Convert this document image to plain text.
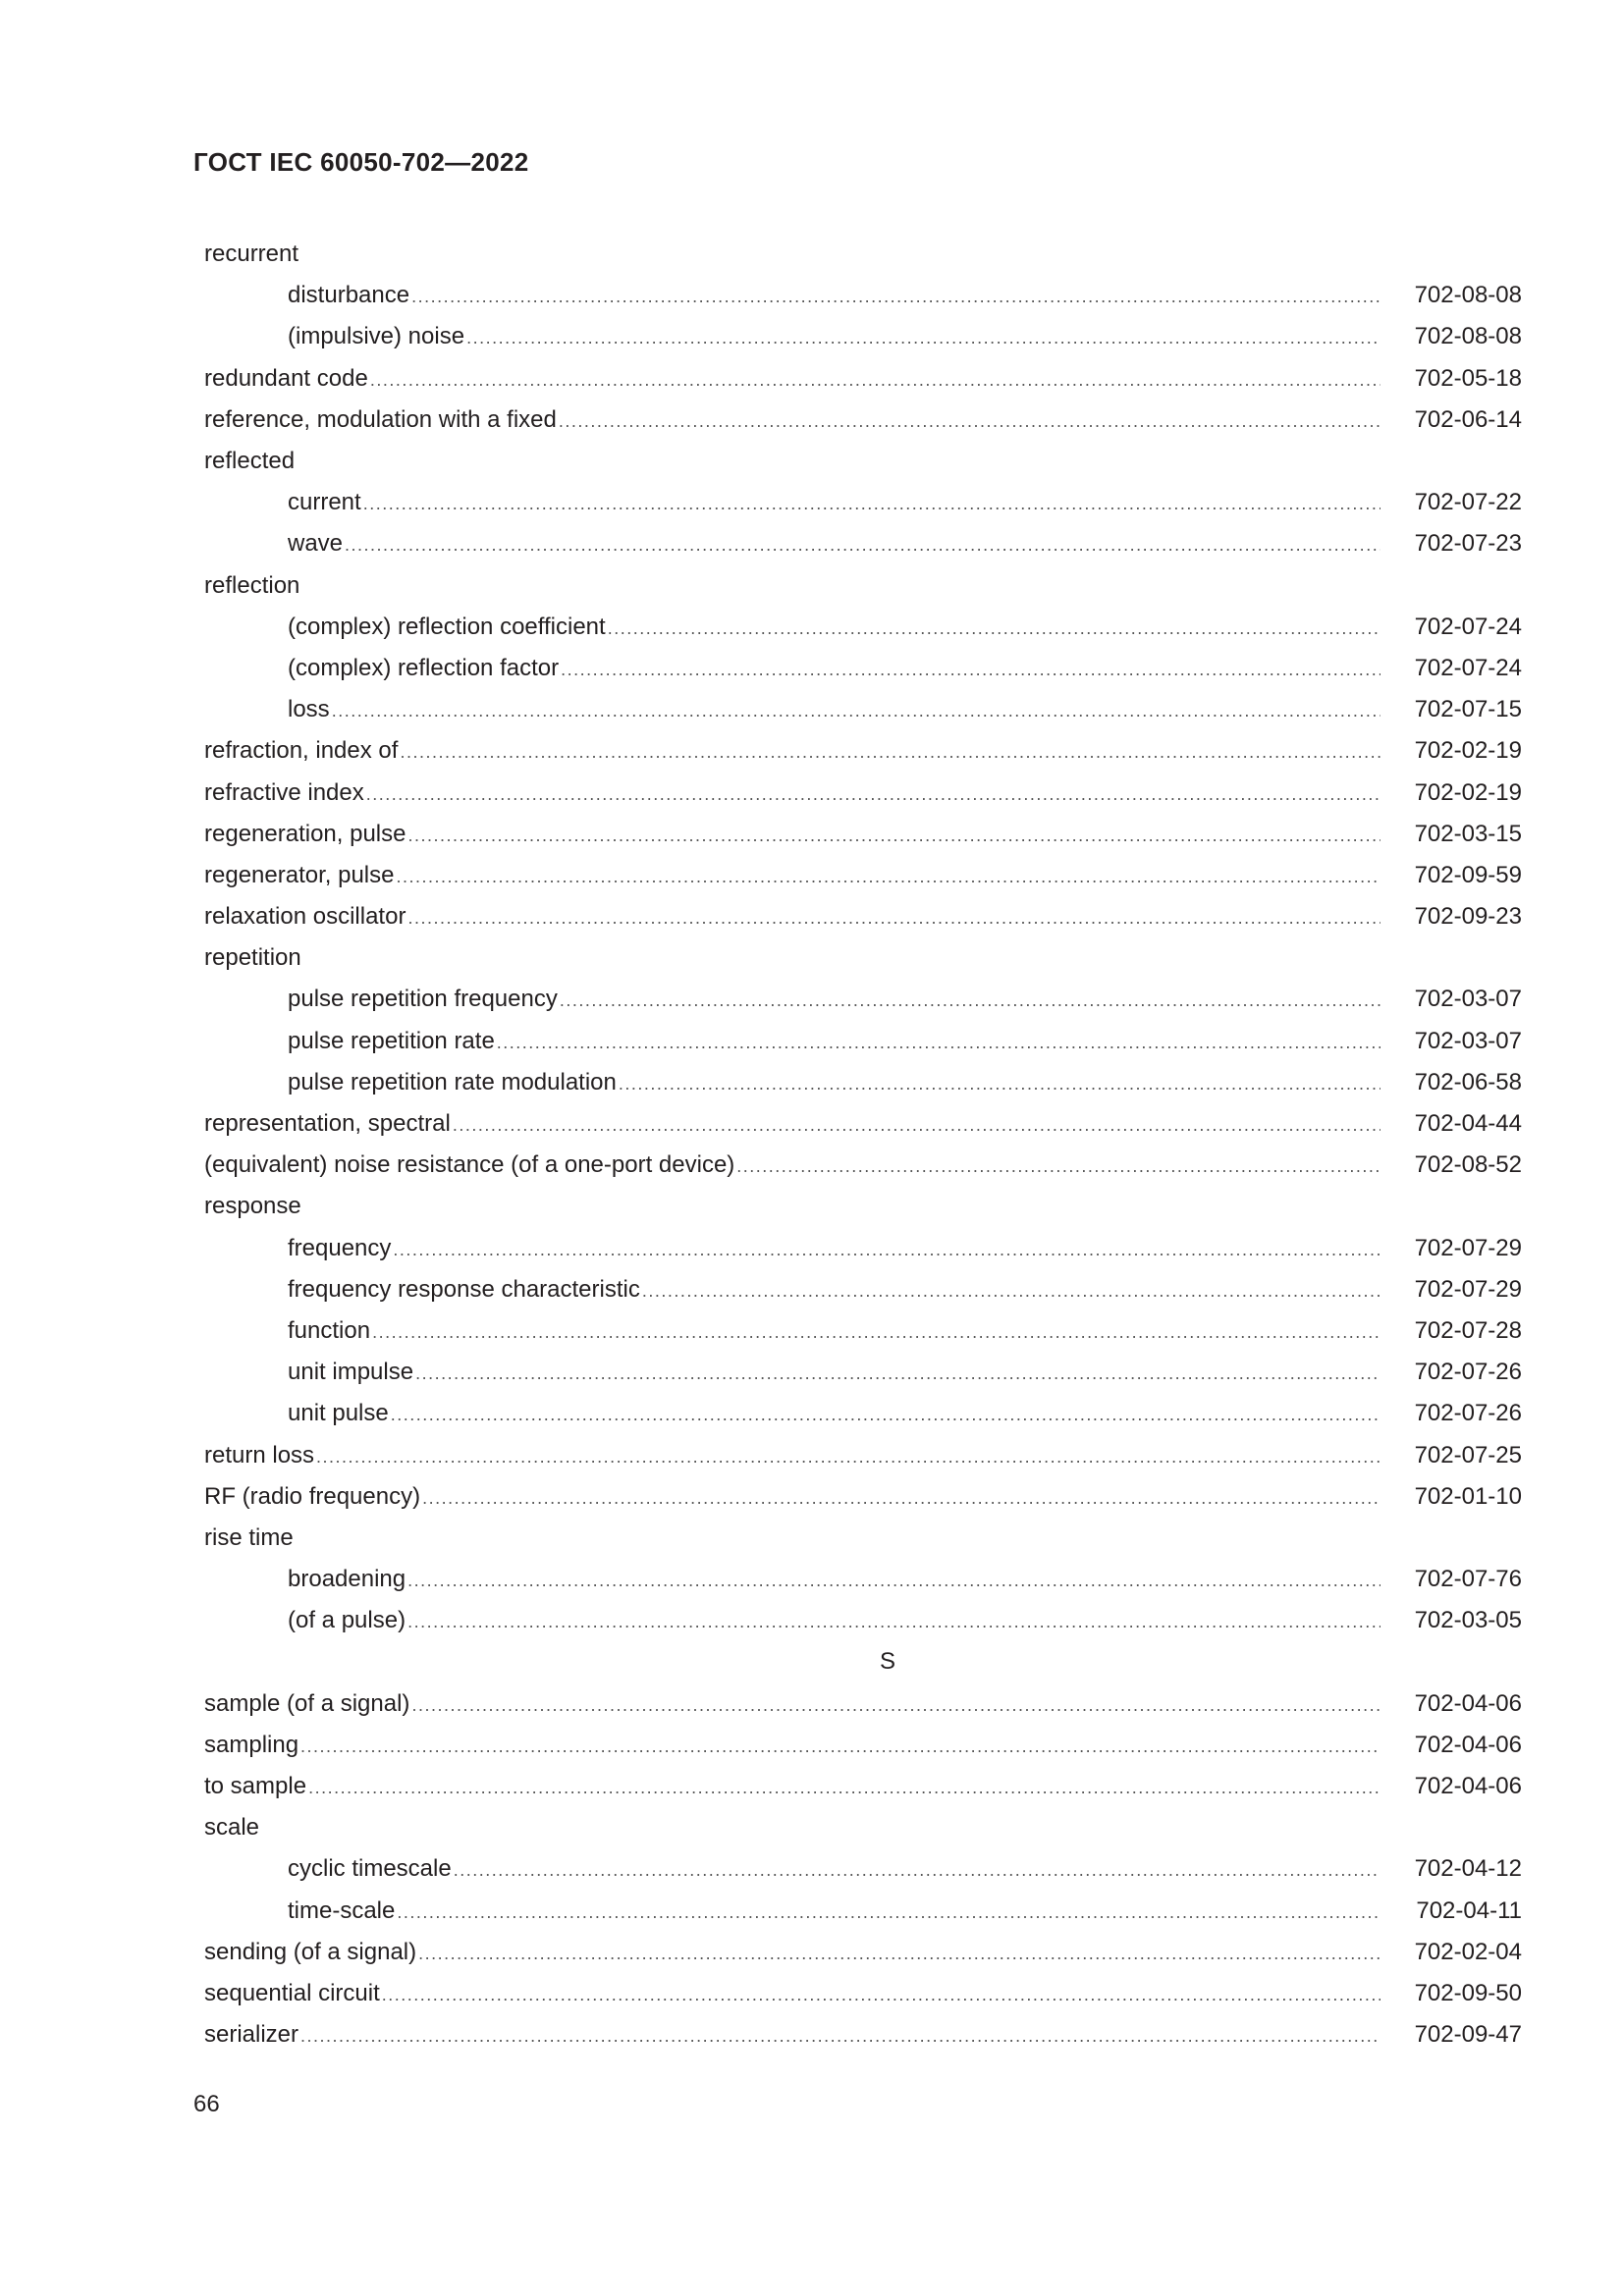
ГОСТ IEC 60050-702—2022
recurrent
disturbance .....	702-08-08
(impulsive) noise .....	702-08-08
redundant code .....	702-05-18
reference, modulation with a fixed .....	702-06-14
reflected
current .....	702-07-22
wave .....	702-07-23
reflection
(complex) reflection coefficient .....	702-07-24
(complex) reflection factor .....	702-07-24
loss .....	702-07-15
refraction, index of .....	702-02-19
refractive index .....	702-02-19
regeneration, pulse .....	702-03-15
regenerator, pulse .....	702-09-59
relaxation oscillator .....	702-09-23
repetition
pulse repetition frequency .....	702-03-07
pulse repetition rate .....	702-03-07
pulse repetition rate modulation .....	702-06-58
representation, spectral .....	702-04-44
(equivalent) noise resistance (of a one-port device) .....	702-08-52
response
frequency .....	702-07-29
frequency response characteristic .....	702-07-29
function .....	702-07-28
unit impulse .....	702-07-26
unit pulse .....	702-07-26
return loss .....	702-07-25
RF (radio frequency) .....	702-01-10
rise time
broadening .....	702-07-76
(of a pulse) .....	702-03-05
S
sample (of a signal) .....	702-04-06
sampling .....	702-04-06
to sample .....	702-04-06
scale
cyclic timescale .....	702-04-12
time-scale .....	702-04-11
sending (of a signal) .....	702-02-04
sequential circuit .....	702-09-50
serializer .....	702-09-47
66
